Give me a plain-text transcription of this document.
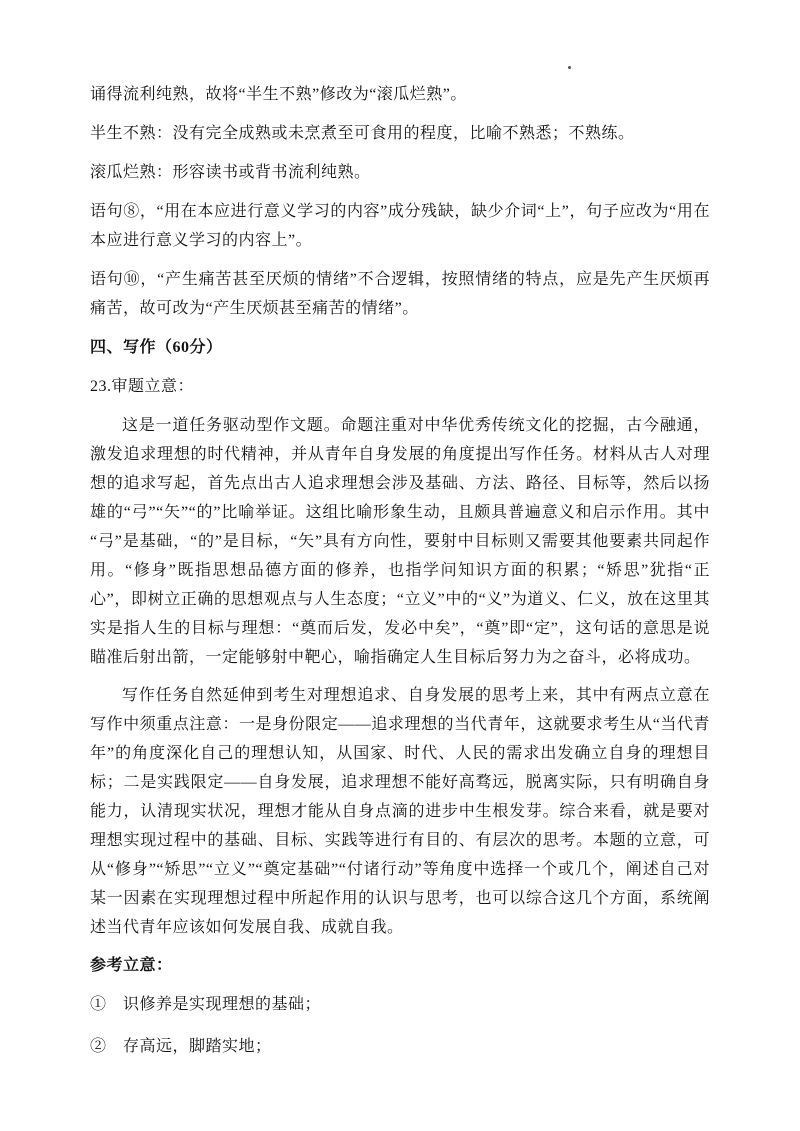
诵得流利纯熟，故将“半生不熟”修改为“滚瓜烂熟”。

半生不熟：没有完全成熟或未烹煮至可食用的程度，比喻不熟悉；不熟练。

滚瓜烂熟：形容读书或背书流利纯熟。

语句⑧，“用在本应进行意义学习的内容”成分残缺，缺少介词“上”，句子应改为“用在本应进行意义学习的内容上”。

语句⑩，“产生痛苦甚至厌烦的情绪”不合逻辑，按照情绪的特点，应是先产生厌烦再痛苦，故可改为“产生厌烦甚至痛苦的情绪”。

四、写作（60分）

23.审题立意：

这是一道任务驱动型作文题。命题注重对中华优秀传统文化的挖掘，古今融通，激发追求理想的时代精神，并从青年自身发展的角度提出写作任务。材料从古人对理想的追求写起，首先点出古人追求理想会涉及基础、方法、路径、目标等，然后以扬雄的“弓”“矢”“的”比喻举证。这组比喻形象生动，且颇具普遍意义和启示作用。其中“弓”是基础，“的”是目标，“矢”具有方向性，要射中目标则又需要其他要素共同起作用。“修身”既指思想品德方面的修养，也指学问知识方面的积累；“矫思”犹指“正心”，即树立正确的思想观点与人生态度；“立义”中的“义”为道义、仁义，放在这里其实是指人生的目标与理想：“奠而后发，发必中矣”，“奠”即“定”，这句话的意思是说瞄准后射出箭，一定能够射中靶心，喻指确定人生目标后努力为之奋斗，必将成功。

写作任务自然延伸到考生对理想追求、自身发展的思考上来，其中有两点立意在写作中须重点注意：一是身份限定——追求理想的当代青年，这就要求考生从“当代青年”的角度深化自己的理想认知，从国家、时代、人民的需求出发确立自身的理想目标；二是实践限定——自身发展，追求理想不能好高骛远，脱离实际，只有明确自身能力，认清现实状况，理想才能从自身点滴的进步中生根发芽。综合来看，就是要对理想实现过程中的基础、目标、实践等进行有目的、有层次的思考。本题的立意，可从“修身”“矫思”“立义”“奠定基础”“付诸行动”等角度中选择一个或几个，阐述自己对某一因素在实现理想过程中所起作用的认识与思考，也可以综合这几个方面，系统阐述当代青年应该如何发展自我、成就自我。

参考立意：

①　识修养是实现理想的基础；

②　存高远，脚踏实地；
